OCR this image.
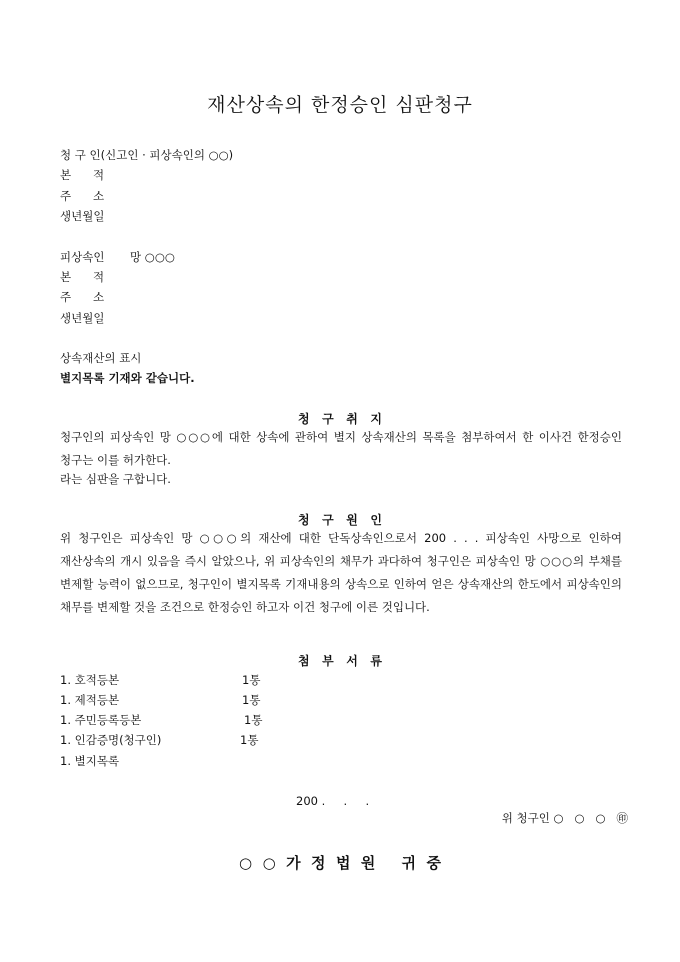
재산상속의 한정승인 심판청구
청 구 인(신고인 · 피상속인의 ○○)
본      적
주      소
생년월일
피상속인       망 ○○○
본      적
주      소
생년월일
상속재산의 표시
별지목록 기재와 같습니다.
청   구   취   지
청구인의 피상속인 망 ○○○에 대한 상속에 관하여 별지 상속재산의 목록을 첨부하여서 한 이사건 한정승인 청구는 이를 허가한다.
라는 심판을 구합니다.
청   구   원   인
위 청구인은 피상속인 망 ○○○의 재산에 대한 단독상속인으로서 200 . . . 피상속인 사망으로 인하여 재산상속의 개시 있음을 즉시 알았으나, 위 피상속인의 채무가 과다하여 청구인은 피상속인 망 ○○○의 부채를 변제할 능력이 없으므로, 청구인이 별지목록 기재내용의 상속으로 인하여 얻은 상속재산의 한도에서 피상속인의 채무를 변제할 것을 조건으로 한정승인 하고자 이건 청구에 이른 것입니다.
첨   부   서   류
1. 호적등본	1통
1. 제적등본	1통
1. 주민등록등본	1통
1. 인감증명(청구인)	1통
1. 별지목록
200 .     .     .
위 청구인 ○   ○   ○   ㊞
○  ○  가  정  법  원     귀  중
